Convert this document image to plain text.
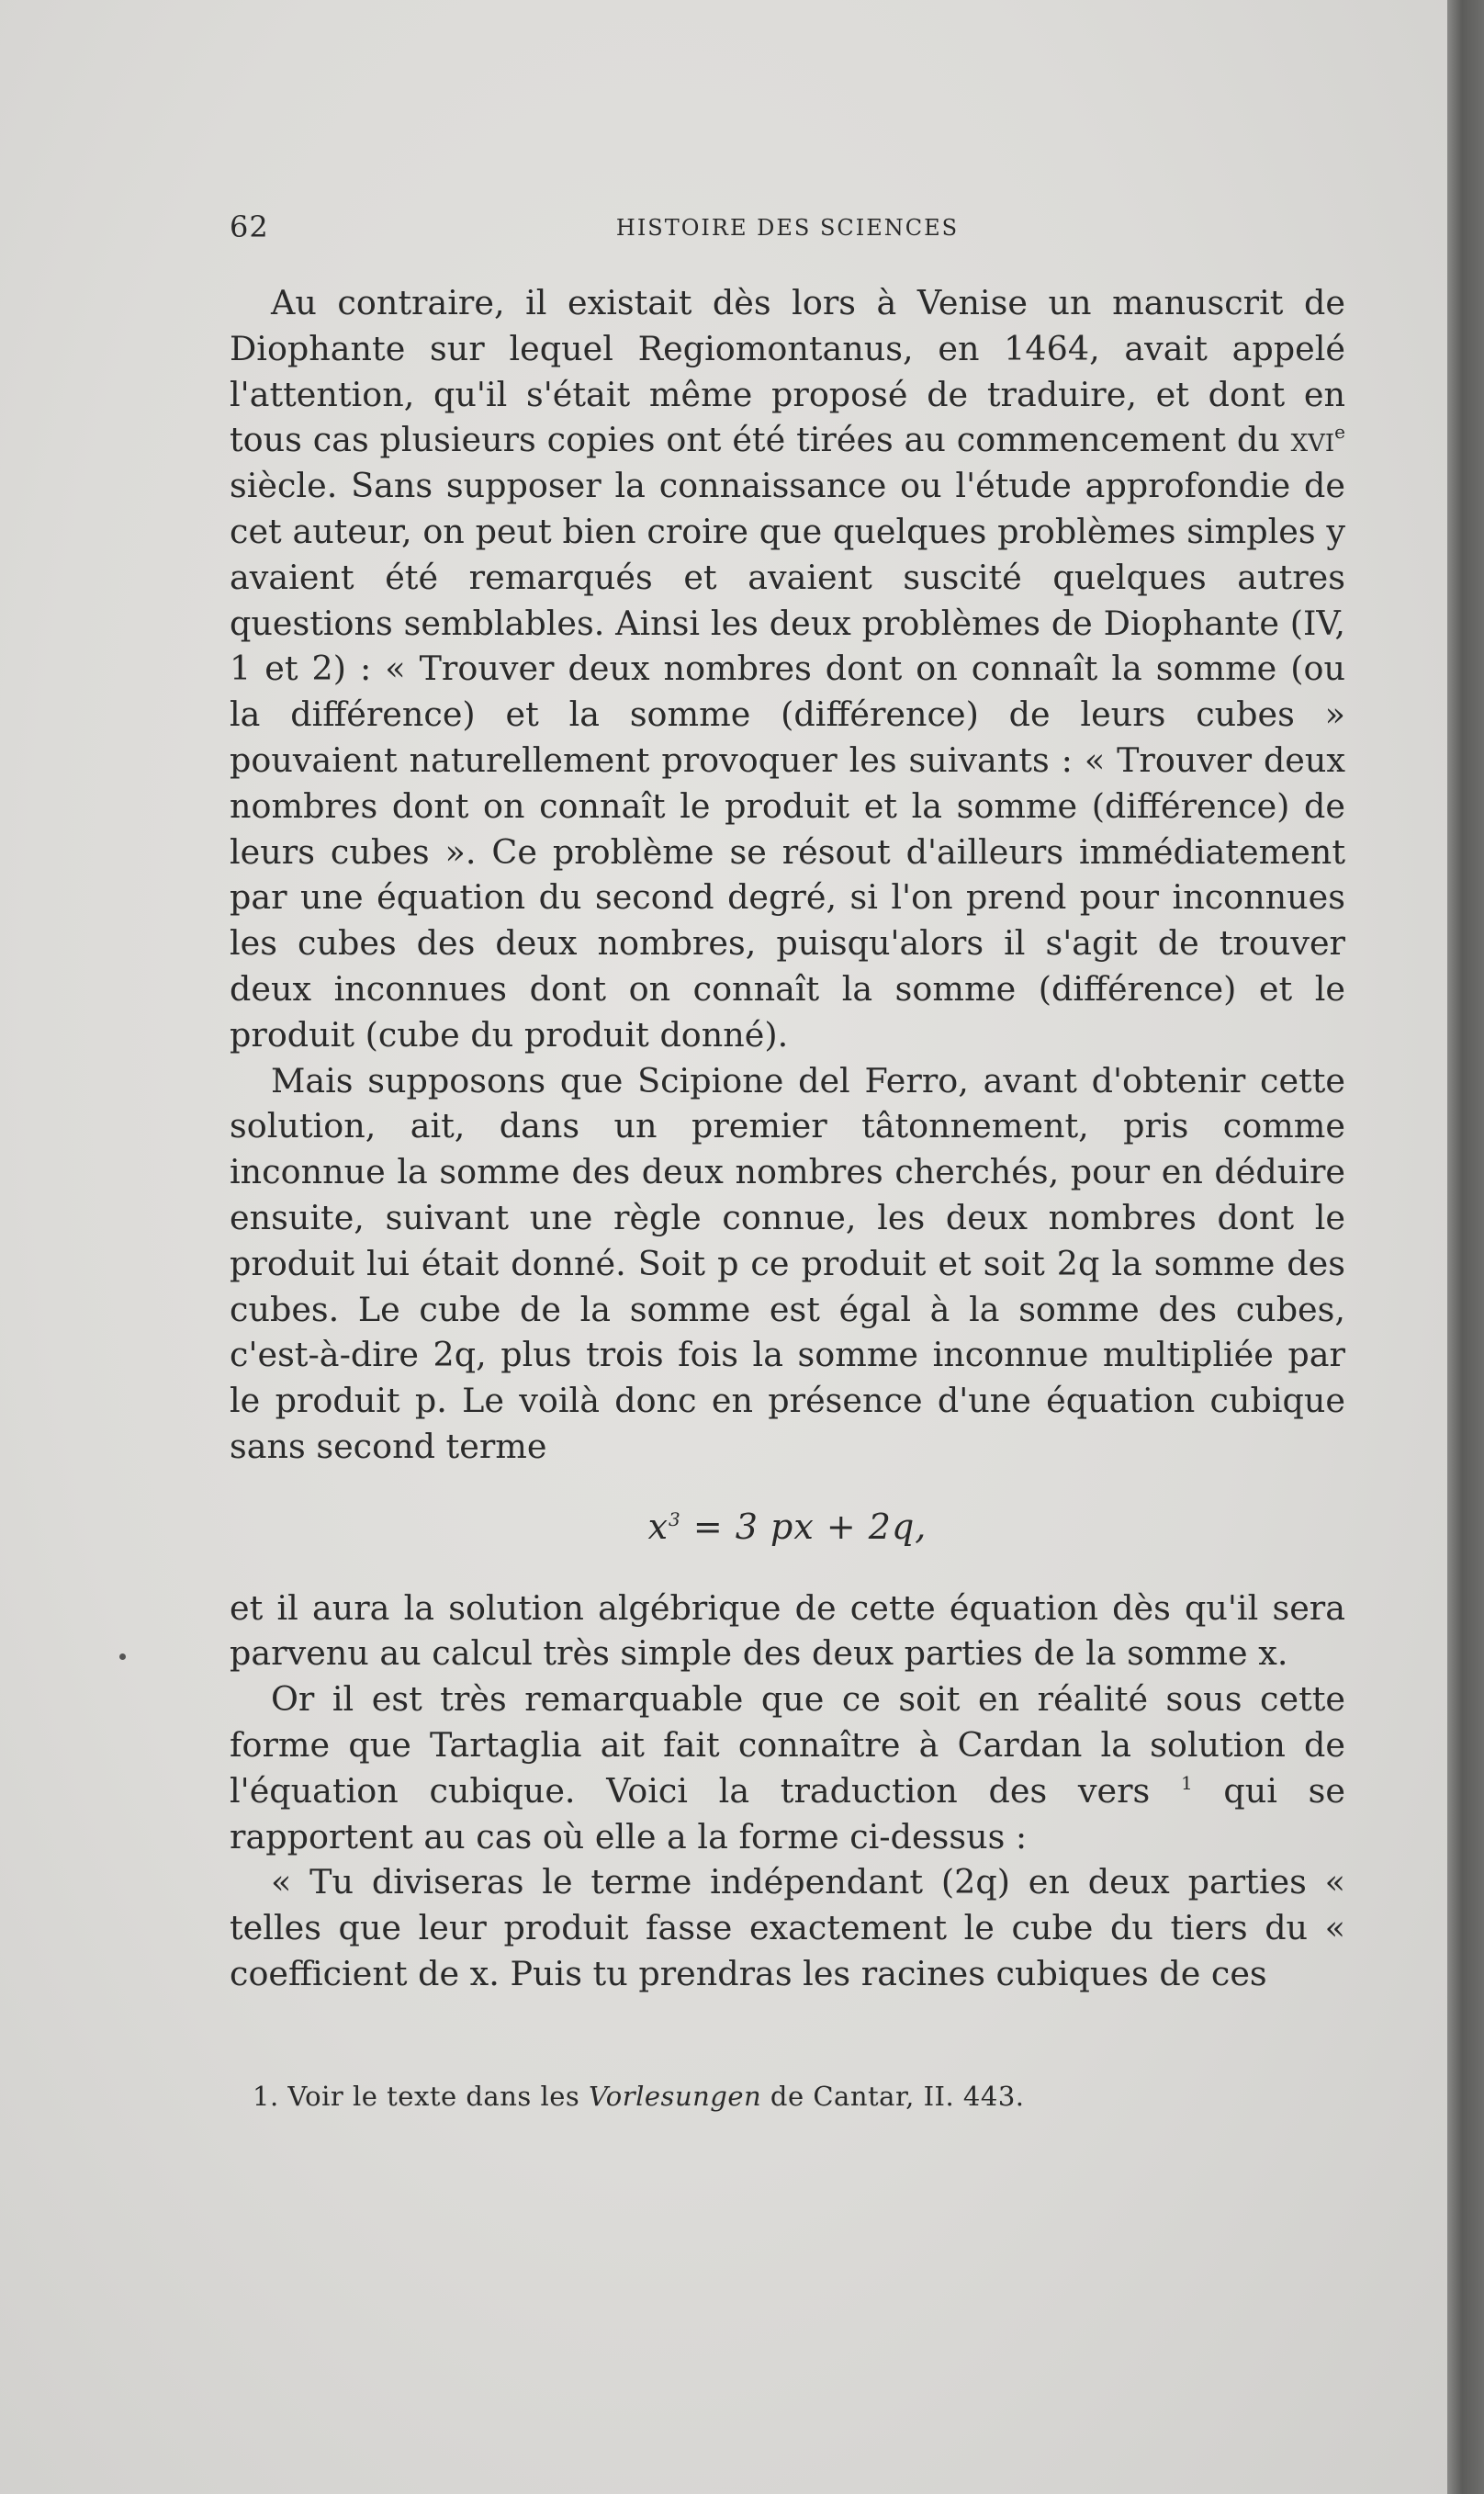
62	HISTOIRE DES SCIENCES

Au contraire, il existait dès lors à Venise un manuscrit de Diophante sur lequel Regiomontanus, en 1464, avait appelé l'attention, qu'il s'était même proposé de traduire, et dont en tous cas plusieurs copies ont été tirées au commencement du xvi$^e$ siècle. Sans supposer la connaissance ou l'étude approfondie de cet auteur, on peut bien croire que quelques problèmes simples y avaient été remarqués et avaient suscité quelques autres questions semblables. Ainsi les deux problèmes de Diophante (IV, 1 et 2) : « Trouver deux nombres dont on connaît la somme (ou la différence) et la somme (différence) de leurs cubes » pouvaient naturellement provoquer les suivants : « Trouver deux nombres dont on connaît le produit et la somme (différence) de leurs cubes ». Ce problème se résout d'ailleurs immédiatement par une équation du second degré, si l'on prend pour inconnues les cubes des deux nombres, puisqu'alors il s'agit de trouver deux inconnues dont on connaît la somme (différence) et le produit (cube du produit donné).

Mais supposons que Scipione del Ferro, avant d'obtenir cette solution, ait, dans un premier tâtonnement, pris comme inconnue la somme des deux nombres cherchés, pour en déduire ensuite, suivant une règle connue, les deux nombres dont le produit lui était donné. Soit p ce produit et soit 2q la somme des cubes. Le cube de la somme est égal à la somme des cubes, c'est-à-dire 2q, plus trois fois la somme inconnue multipliée par le produit p. Le voilà donc en présence d'une équation cubique sans second terme

$x^3 = 3$ px + 2q,

et il aura la solution algébrique de cette équation dès qu'il sera parvenu au calcul très simple des deux parties de la somme x.

Or il est très remarquable que ce soit en réalité sous cette forme que Tartaglia ait fait connaître à Cardan la solution de l'équation cubique. Voici la traduction des vers $^1$ qui se rapportent au cas où elle a la forme ci-dessus :

« Tu diviseras le terme indépendant (2q) en deux parties « telles que leur produit fasse exactement le cube du tiers du « coefficient de x. Puis tu prendras les racines cubiques de ces

1. Voir le texte dans les Vorlesungen de Cantar, II. 443.
